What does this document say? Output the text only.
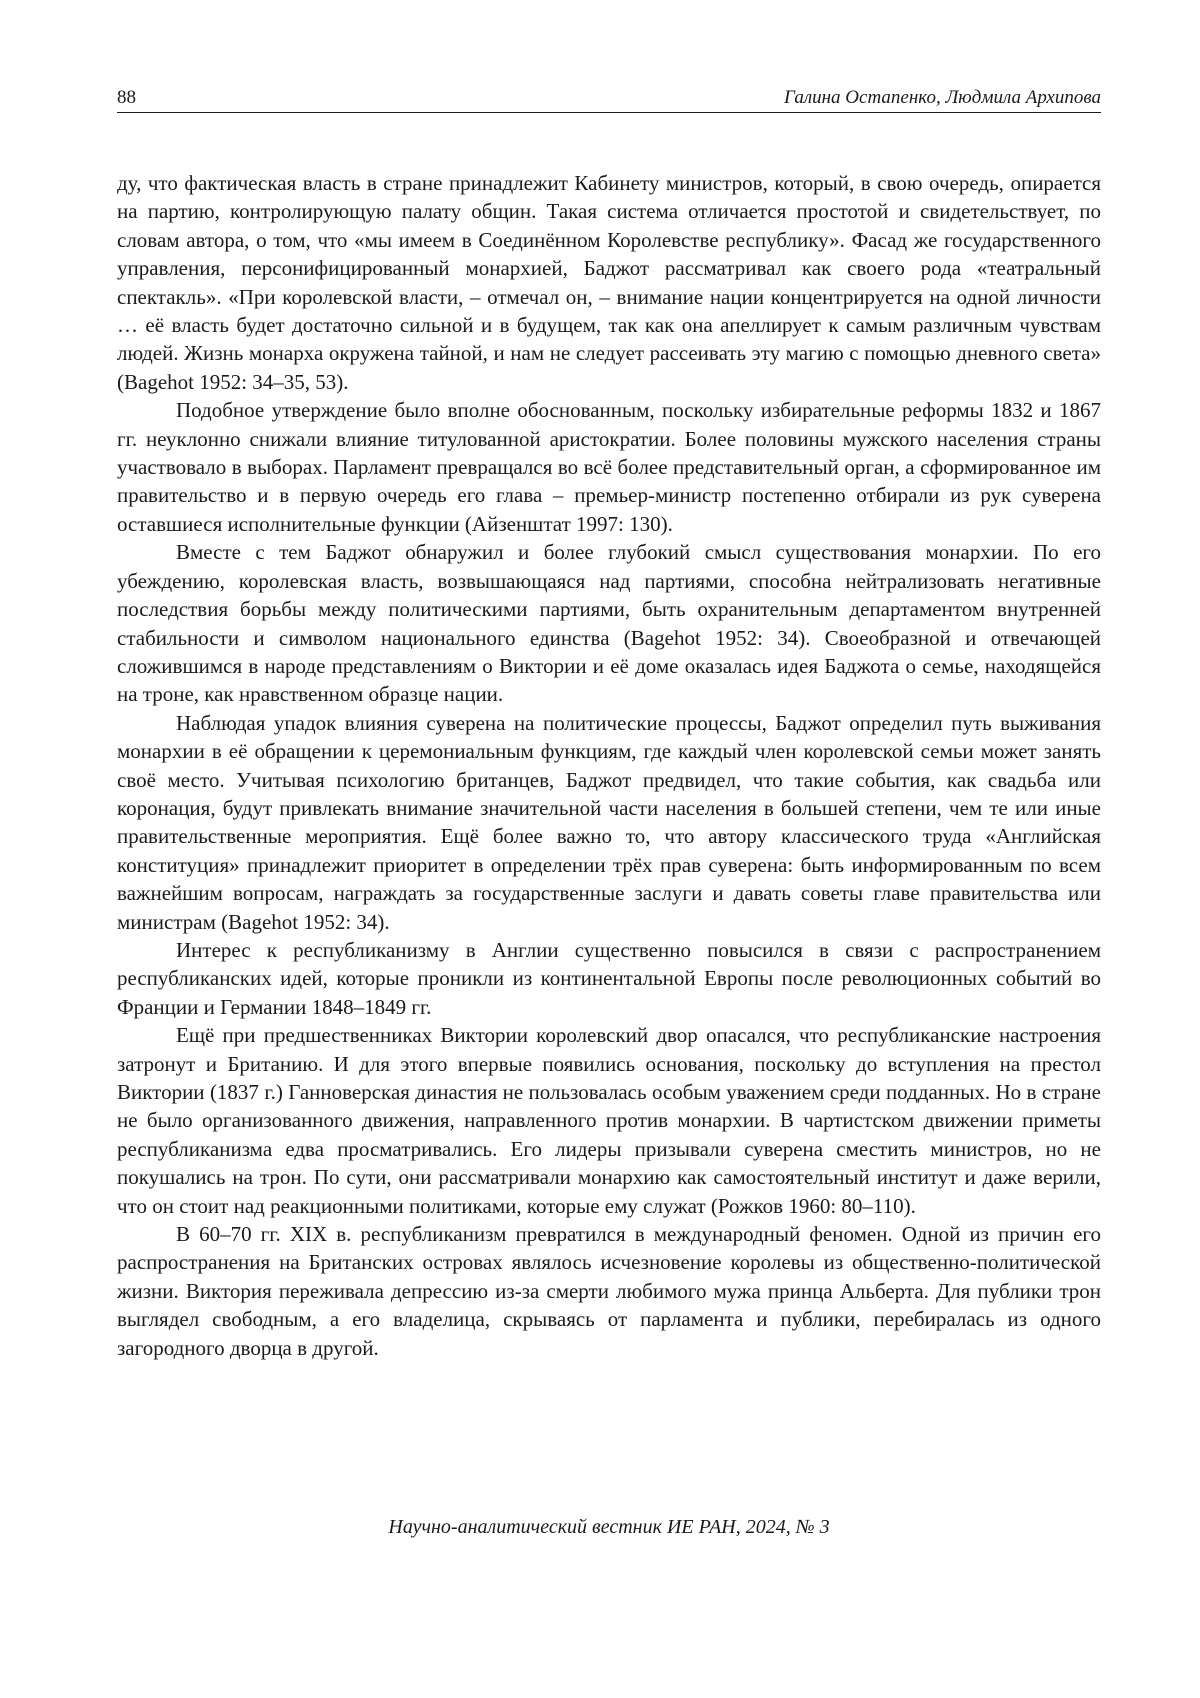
88	Галина Остапенко, Людмила Архипова

ду, что фактическая власть в стране принадлежит Кабинету министров, который, в свою очередь, опирается на партию, контролирующую палату общин. Такая система отличается простотой и свидетельствует, по словам автора, о том, что «мы имеем в Соединённом Королевстве республику». Фасад же государственного управления, персонифицированный монархией, Баджот рассматривал как своего рода «театральный спектакль». «При королевской власти, – отмечал он, – внимание нации концентрируется на одной личности … её власть будет достаточно сильной и в будущем, так как она апеллирует к самым различным чувствам людей. Жизнь монарха окружена тайной, и нам не следует рассеивать эту магию с помощью дневного света» (Bagehot 1952: 34–35, 53).

Подобное утверждение было вполне обоснованным, поскольку избирательные реформы 1832 и 1867 гг. неуклонно снижали влияние титулованной аристократии. Более половины мужского населения страны участвовало в выборах. Парламент превращался во всё более представительный орган, а сформированное им правительство и в первую очередь его глава – премьер-министр постепенно отбирали из рук суверена оставшиеся исполнительные функции (Айзенштат 1997: 130).

Вместе с тем Баджот обнаружил и более глубокий смысл существования монархии. По его убеждению, королевская власть, возвышающаяся над партиями, способна нейтрализовать негативные последствия борьбы между политическими партиями, быть охранительным департаментом внутренней стабильности и символом национального единства (Bagehot 1952: 34). Своеобразной и отвечающей сложившимся в народе представлениям о Виктории и её доме оказалась идея Баджота о семье, находящейся на троне, как нравственном образце нации.

Наблюдая упадок влияния суверена на политические процессы, Баджот определил путь выживания монархии в её обращении к церемониальным функциям, где каждый член королевской семьи может занять своё место. Учитывая психологию британцев, Баджот предвидел, что такие события, как свадьба или коронация, будут привлекать внимание значительной части населения в большей степени, чем те или иные правительственные мероприятия. Ещё более важно то, что автору классического труда «Английская конституция» принадлежит приоритет в определении трёх прав суверена: быть информированным по всем важнейшим вопросам, награждать за государственные заслуги и давать советы главе правительства или министрам (Bagehot 1952: 34).

Интерес к республиканизму в Англии существенно повысился в связи с распространением республиканских идей, которые проникли из континентальной Европы после революционных событий во Франции и Германии 1848–1849 гг.

Ещё при предшественниках Виктории королевский двор опасался, что республиканские настроения затронут и Британию. И для этого впервые появились основания, поскольку до вступления на престол Виктории (1837 г.) Ганноверская династия не пользовалась особым уважением среди подданных. Но в стране не было организованного движения, направленного против монархии. В чартистском движении приметы республиканизма едва просматривались. Его лидеры призывали суверена сместить министров, но не покушались на трон. По сути, они рассматривали монархию как самостоятельный институт и даже верили, что он стоит над реакционными политиками, которые ему служат (Рожков 1960: 80–110).

В 60–70 гг. XIX в. республиканизм превратился в международный феномен. Одной из причин его распространения на Британских островах являлось исчезновение королевы из общественно-политической жизни. Виктория переживала депрессию из-за смерти любимого мужа принца Альберта. Для публики трон выглядел свободным, а его владелица, скрываясь от парламента и публики, перебиралась из одного загородного дворца в другой.

Научно-аналитический вестник ИЕ РАН, 2024, № 3
